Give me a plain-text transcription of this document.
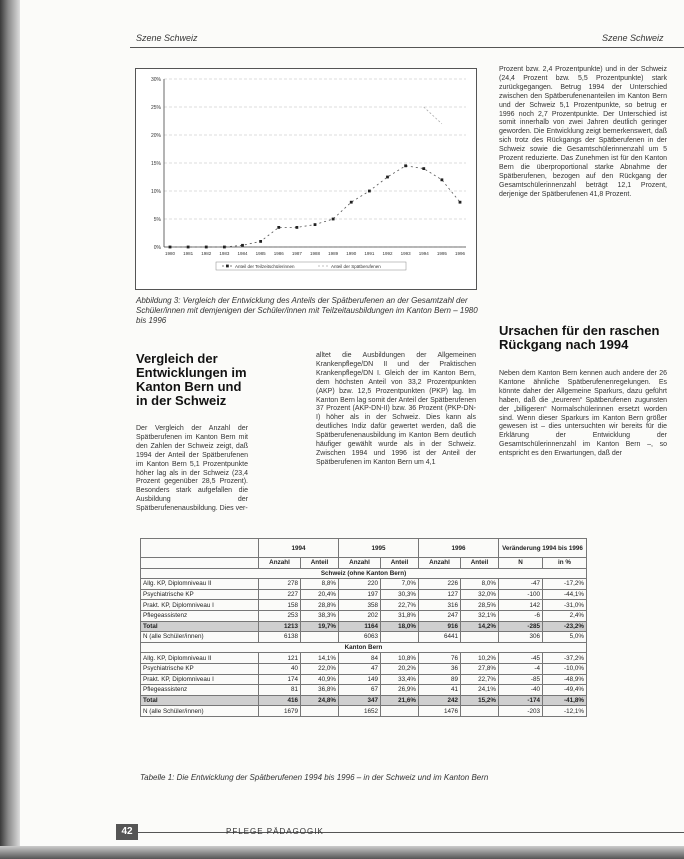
Szene Schweiz	Szene Schweiz
30%
25%
20%
15%
10%
5%
0%
1980 1981 1982 1983 1984 1985 1986 1987 1988 1989 1990 1991 1992 1993 1994 1995 1996
Anteil der Teilzeitschülerinnen	Anteil der Spätberufenen
Abbildung 3: Vergleich der Entwicklung des Anteils der Spätberufenen an der Gesamtzahl der Schüler/innen mit demjenigen der Schüler/innen mit Teilzeitausbildungen im Kanton Bern – 1980 bis 1996
Vergleich der Entwicklungen im Kanton Bern und in der Schweiz
Der Vergleich der Anzahl der Spätberufenen im Kanton Bern mit den Zahlen der Schweiz zeigt, daß 1994 der Anteil der Spätberufenen im Kanton Bern 5,1 Prozentpunkte höher lag als in der Schweiz (23,4 Prozent gegenüber 28,5 Prozent). Besonders stark aufgefallen die Ausbildung der Spätberufenenausbildung. Dies ver-
alltet die Ausbildungen der Allgemeinen Krankenpflege/DN II und der Praktischen Krankenpflege/DN I. Gleich der im Kanton Bern, dem höchsten Anteil von 33,2 Prozentpunkten (AKP) bzw. 12,5 Prozentpunkten (PKP) lag. Im Kanton Bern lag somit der Anteil der Spätberufenen 37 Prozent (AKP-DN-II) bzw. 36 Prozent (PKP-DN-I) höher als in der Schweiz. Dies kann als deutliches Indiz dafür gewertet werden, daß die Spätberufenenausbildung im Kanton Bern deutlich häufiger gewählt wurde als in der Schweiz. Zwischen 1994 und 1996 ist der Anteil der Spätberufenen im Kanton Bern um 4,1
Prozent bzw. 2,4 Prozentpunkte) und in der Schweiz (24,4 Prozent bzw. 5,5 Prozentpunkte) stark zurückgegangen. Betrug 1994 der Unterschied zwischen den Spätberufenenanteilen im Kanton Bern und der Schweiz 5,1 Prozentpunkte, so betrug er 1996 noch 2,7 Prozentpunkte. Der Unterschied ist somit innerhalb von zwei Jahren deutlich geringer geworden. Die Entwicklung zeigt bemerkenswert, daß sich trotz des Rückgangs der Spätberufenen in der Schweiz sowie die Gesamtschülerinnenzahl um 5 Prozent reduzierte. Das Zunehmen ist für den Kanton Bern die überproportional starke Abnahme der Spätberufenen, bezogen auf den Rückgang der Gesamtschülerinnenzahl beträgt 12,1 Prozent, derjenige der Spätberufenen 41,8 Prozent.
Ursachen für den raschen Rückgang nach 1994
Neben dem Kanton Bern kennen auch andere der 26 Kantone ähnliche Spätberufenenregelungen. Es könnte daher der Allgemeine Sparkurs, dazu geführt haben, daß die „teureren“ Spätberufenen zugunsten der „billigeren“ Normalschülerinnen ersetzt worden sind. Wenn dieser Sparkurs im Kanton Bern größer gewesen ist – dies untersuchten wir bereits für die Erklärung der Entwicklung der Gesamtschülerinnenzahl im Kanton Bern –, so entspricht es den Erwartungen, daß der
	1994		1995		1996		Veränderung 1994 bis 1996	
	Anzahl	Anteil	Anzahl	Anteil	Anzahl	Anteil	N	in %
Schweiz (ohne Kanton Bern)								
Allg. KP, Diplomniveau II	278	8,8%	220	7,0%	226	8,0%	-47	-17,2%
Psychiatrische KP	227	20,4%	197	30,3%	127	32,0%	-100	-44,1%
Prakt. KP, Diplomniveau I	158	28,8%	358	22,7%	316	28,5%	142	-31,0%
Pflegeassistenz	253	38,3%	202	31,8%	247	32,1%	-6	2,4%
Total	1213	19,7%	1164	18,0%	916	14,2%	-285	-23,2%
N (alle Schüler/innen)	6138		6063		6441		306	5,0%
Kanton Bern								
Allg. KP, Diplomniveau II	121	14,1%	84	10,8%	76	10,2%	-45	-37,2%
Psychiatrische KP	40	22,0%	47	20,2%	36	27,8%	-4	-10,0%
Prakt. KP, Diplomniveau I	174	40,9%	149	33,4%	89	22,7%	-85	-48,9%
Pflegeassistenz	81	36,8%	67	26,9%	41	24,1%	-40	-49,4%
Total	416	24,8%	347	21,6%	242	15,2%	-174	-41,8%
N (alle Schüler/innen)	1679		1652		1476		-203	-12,1%
Tabelle 1: Die Entwicklung der Spätberufenen 1994 bis 1996 – in der Schweiz und im Kanton Bern
42	PFLEGE PÄDAGOGIK
